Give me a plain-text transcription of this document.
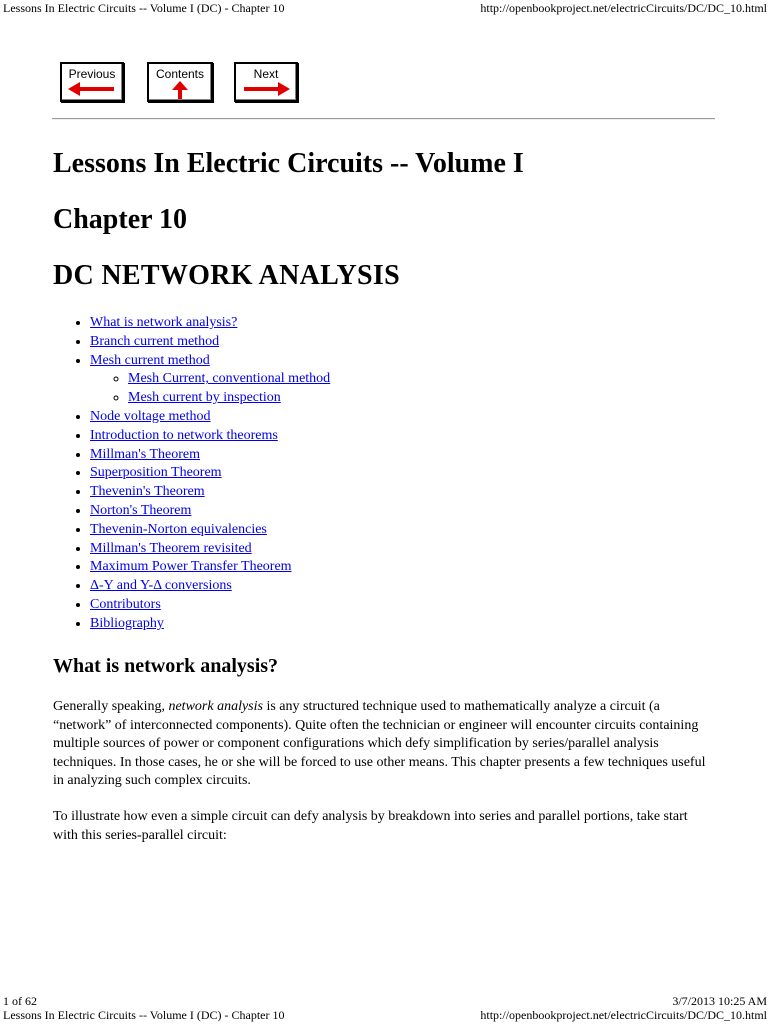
Lessons In Electric Circuits -- Volume I (DC) - Chapter 10	http://openbookproject.net/electricCircuits/DC/DC_10.html
Previous	Contents	Next
Lessons In Electric Circuits -- Volume I
Chapter 10
DC NETWORK ANALYSIS
• What is network analysis?
• Branch current method
• Mesh current method
◦ Mesh Current, conventional method
◦ Mesh current by inspection
• Node voltage method
• Introduction to network theorems
• Millman's Theorem
• Superposition Theorem
• Thevenin's Theorem
• Norton's Theorem
• Thevenin-Norton equivalencies
• Millman's Theorem revisited
• Maximum Power Transfer Theorem
• Δ-Y and Y-Δ conversions
• Contributors
• Bibliography
What is network analysis?

Generally speaking, network analysis is any structured technique used to mathematically analyze a circuit (a “network” of interconnected components). Quite often the technician or engineer will encounter circuits containing multiple sources of power or component configurations which defy simplification by series/parallel analysis techniques. In those cases, he or she will be forced to use other means. This chapter presents a few techniques useful in analyzing such complex circuits.

To illustrate how even a simple circuit can defy analysis by breakdown into series and parallel portions, take start with this series-parallel circuit:

1 of 62	3/7/2013 10:25 AM
Lessons In Electric Circuits -- Volume I (DC) - Chapter 10	http://openbookproject.net/electricCircuits/DC/DC_10.html
